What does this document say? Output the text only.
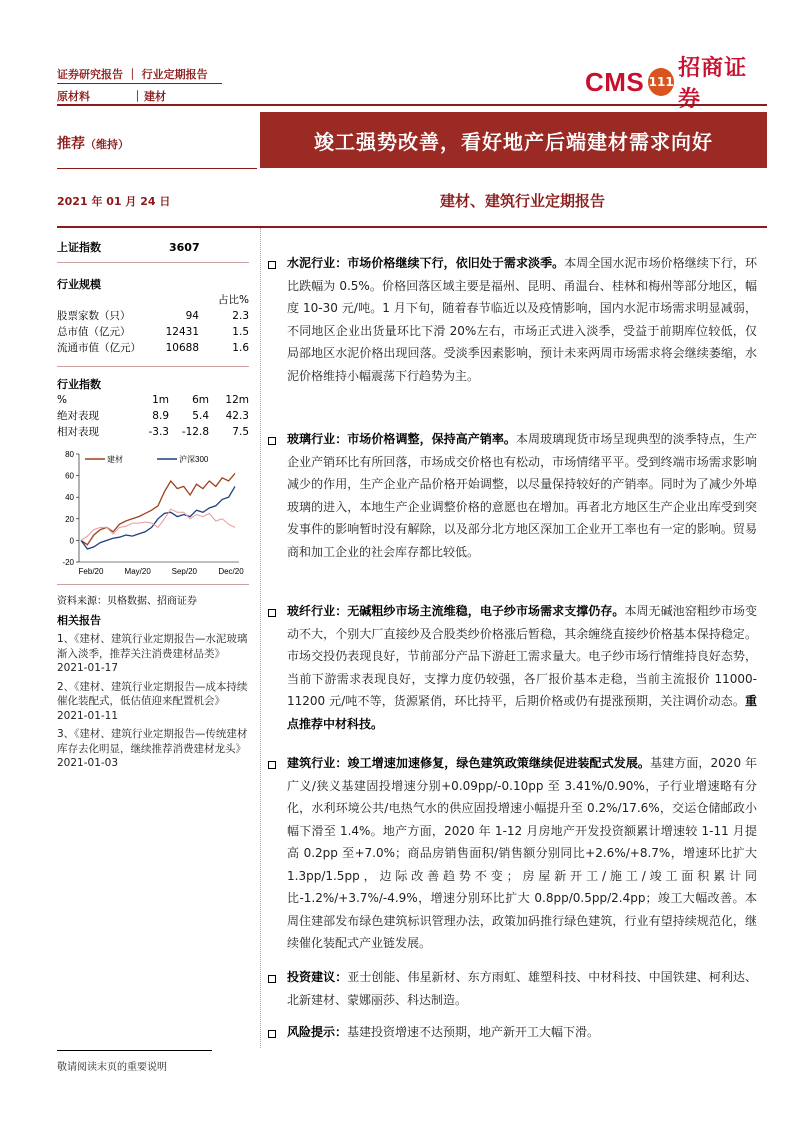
证券研究报告 ｜ 行业定期报告
原材料	｜ 建材	CMS 111
招商证券
推荐（维持）	竣工强势改善，看好地产后端建材需求向好
2021 年 01 月 24 日	建材、建筑行业定期报告
上证指数	3607
行业规模
占比%
股票家数（只）	94	2.3
总市值（亿元）	12431	1.5
流通市值（亿元）	10688	1.6
行业指数
%	1m	6m	12m
绝对表现	8.9	5.4	42.3
相对表现	-3.3	-12.8	7.5
80
60
40
20
0
-20
Feb/20	May/20	Sep/20	Dec/20
建材	沪深300
资料来源：贝格数据、招商证券
相关报告
1、《建材、建筑行业定期报告—水泥玻璃渐入淡季，推荐关注消费建材品类》2021-01-17
2、《建材、建筑行业定期报告—成本持续催化装配式，低估值迎来配置机会》2021-01-11
3、《建材、建筑行业定期报告—传统建材库存去化明显，继续推荐消费建材龙头》2021-01-03
水泥行业：市场价格继续下行，依旧处于需求淡季。本周全国水泥市场价格继续下行，环比跌幅为 0.5%。价格回落区域主要是福州、昆明、甬温台、桂林和梅州等部分地区，幅度 10-30 元/吨。1 月下旬，随着春节临近以及疫情影响，国内水泥市场需求明显减弱，不同地区企业出货量环比下滑 20%左右，市场正式进入淡季，受益于前期库位较低，仅局部地区水泥价格出现回落。受淡季因素影响，预计未来两周市场需求将会继续萎缩，水泥价格维持小幅震荡下行趋势为主。
玻璃行业：市场价格调整，保持高产销率。本周玻璃现货市场呈现典型的淡季特点，生产企业产销环比有所回落，市场成交价格也有松动，市场情绪平平。受到终端市场需求影响减少的作用，生产企业产品价格开始调整，以尽量保持较好的产销率。同时为了减少外埠玻璃的进入，本地生产企业调整价格的意愿也在增加。再者北方地区生产企业出库受到突发事件的影响暂时没有解除，以及部分北方地区深加工企业开工率也有一定的影响。贸易商和加工企业的社会库存都比较低。
玻纤行业：无碱粗纱市场主流维稳，电子纱市场需求支撑仍存。本周无碱池窑粗纱市场变动不大，个别大厂直接纱及合股类纱价格涨后暂稳，其余缠绕直接纱价格基本保持稳定。市场交投仍表现良好，节前部分产品下游赶工需求量大。电子纱市场行情维持良好态势，当前下游需求表现良好，支撑力度仍较强，各厂报价基本走稳，当前主流报价 11000-11200 元/吨不等，货源紧俏，环比持平，后期价格或仍有提涨预期，关注调价动态。重点推荐中材科技。
建筑行业：竣工增速加速修复，绿色建筑政策继续促进装配式发展。基建方面，2020 年广义/狭义基建固投增速分别+0.09pp/-0.10pp 至 3.41%/0.90%，子行业增速略有分化，水利环境公共/电热气水的供应固投增速小幅提升至 0.2%/17.6%，交运仓储邮政小幅下滑至 1.4%。地产方面，2020 年 1-12 月房地产开发投资额累计增速较 1-11 月提高 0.2pp 至+7.0%；商品房销售面积/销售额分别同比+2.6%/+8.7%，增速环比扩大 1.3pp/1.5pp，边际改善趋势不变；房屋新开工/施工/竣工面积累计同比-1.2%/+3.7%/-4.9%，增速分别环比扩大 0.8pp/0.5pp/2.4pp；竣工大幅改善。本周住建部发布绿色建筑标识管理办法，政策加码推行绿色建筑，行业有望持续规范化，继续催化装配式产业链发展。
投资建议：亚士创能、伟星新材、东方雨虹、雄塑科技、中材科技、中国铁建、柯利达、北新建材、蒙娜丽莎、科达制造。
风险提示：基建投资增速不达预期，地产新开工大幅下滑。
敬请阅读末页的重要说明
